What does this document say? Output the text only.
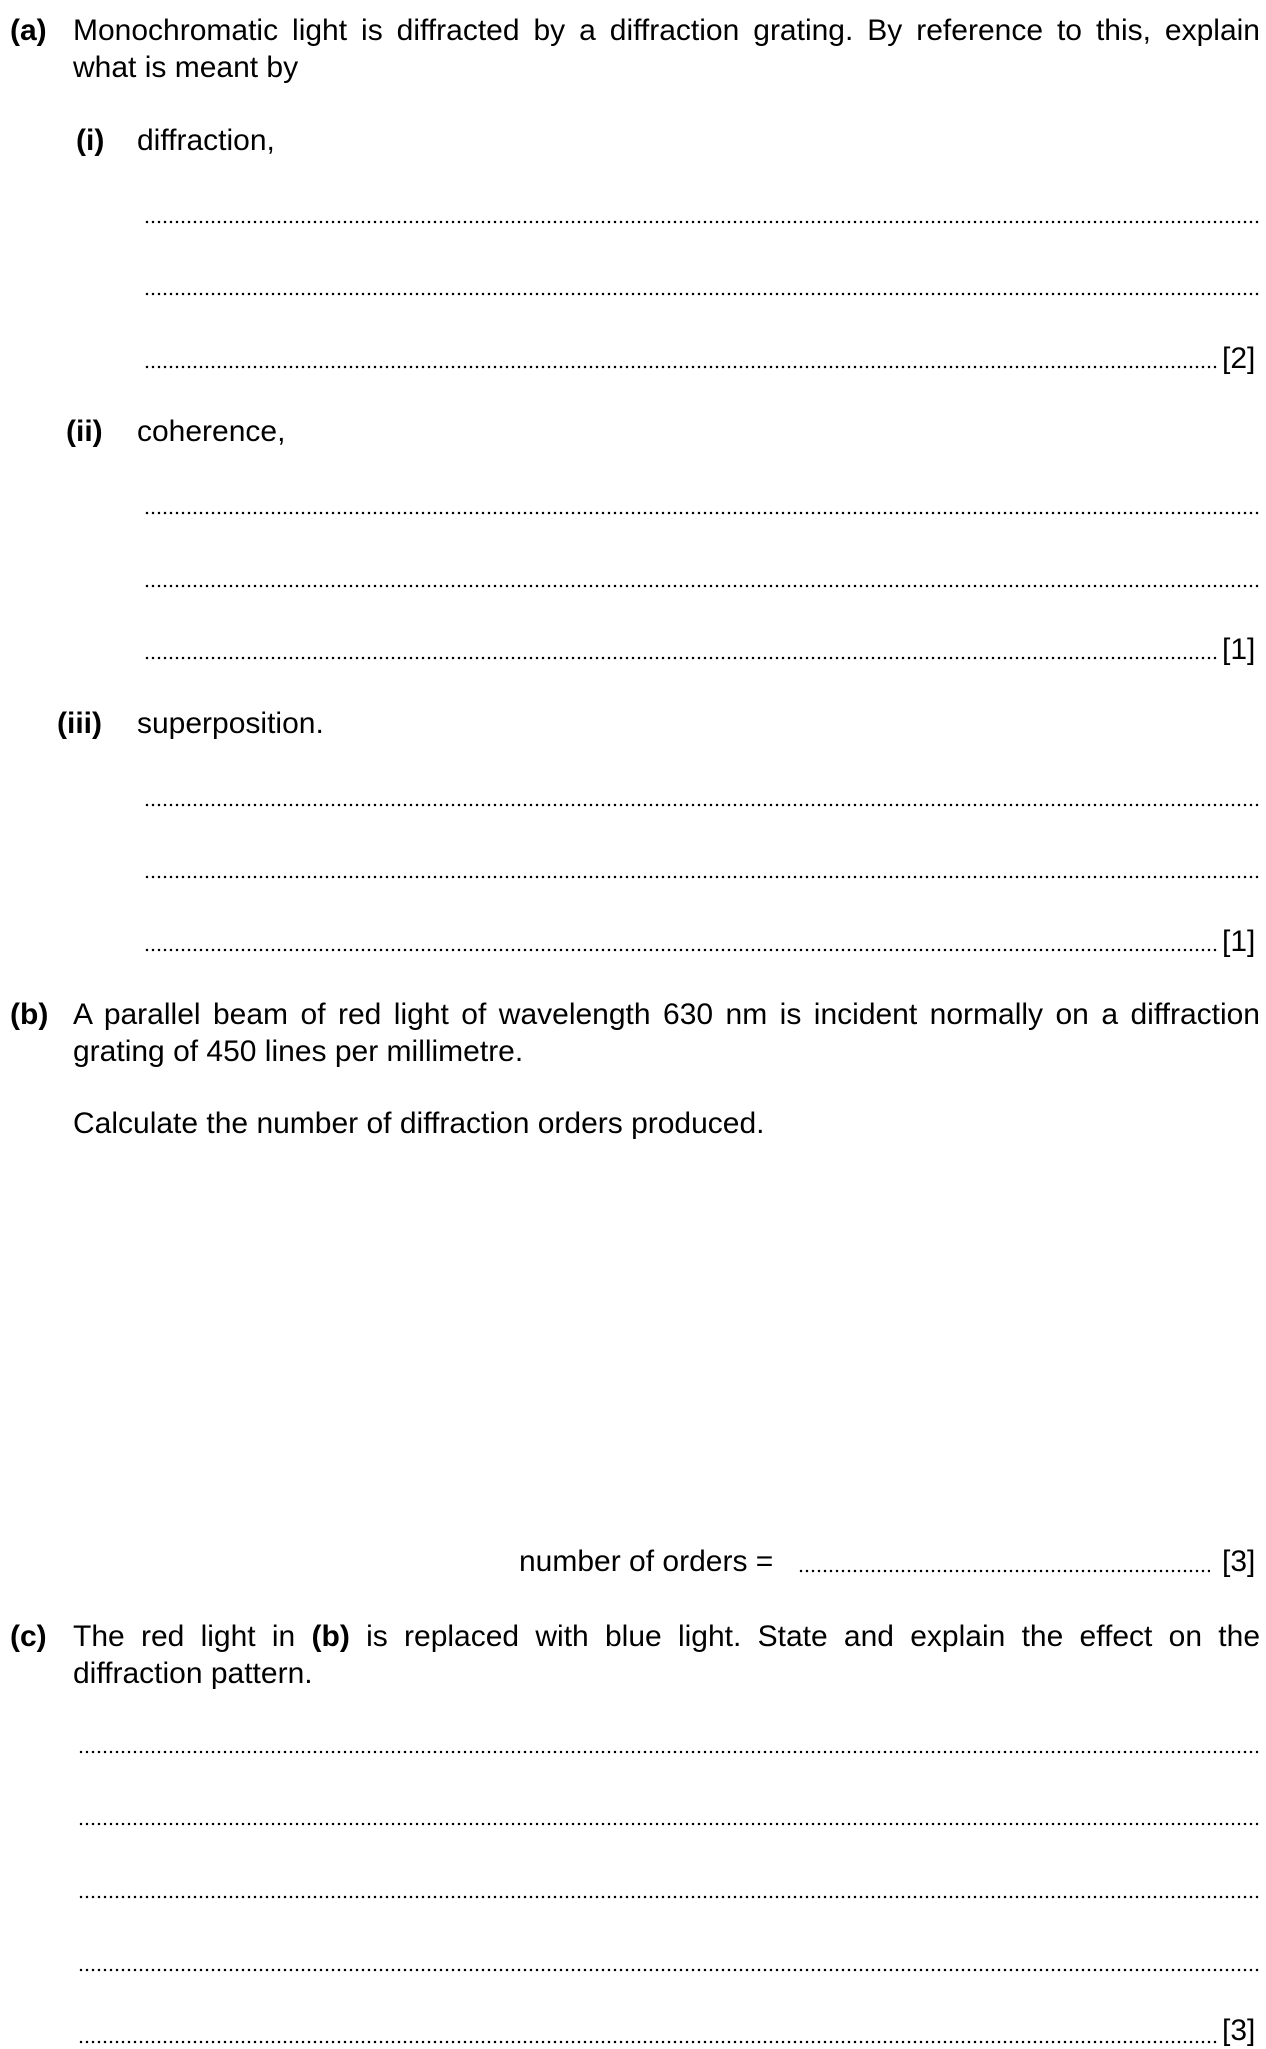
(a) Monochromatic light is diffracted by a diffraction grating. By reference to this, explain what is meant by
(i) diffraction,
[2]
(ii) coherence,
[1]
(iii) superposition.
[1]
(b) A parallel beam of red light of wavelength 630 nm is incident normally on a diffraction grating of 450 lines per millimetre.
Calculate the number of diffraction orders produced.
number of orders =	[3]
(c) The red light in (b) is replaced with blue light. State and explain the effect on the diffraction pattern.
[3]
